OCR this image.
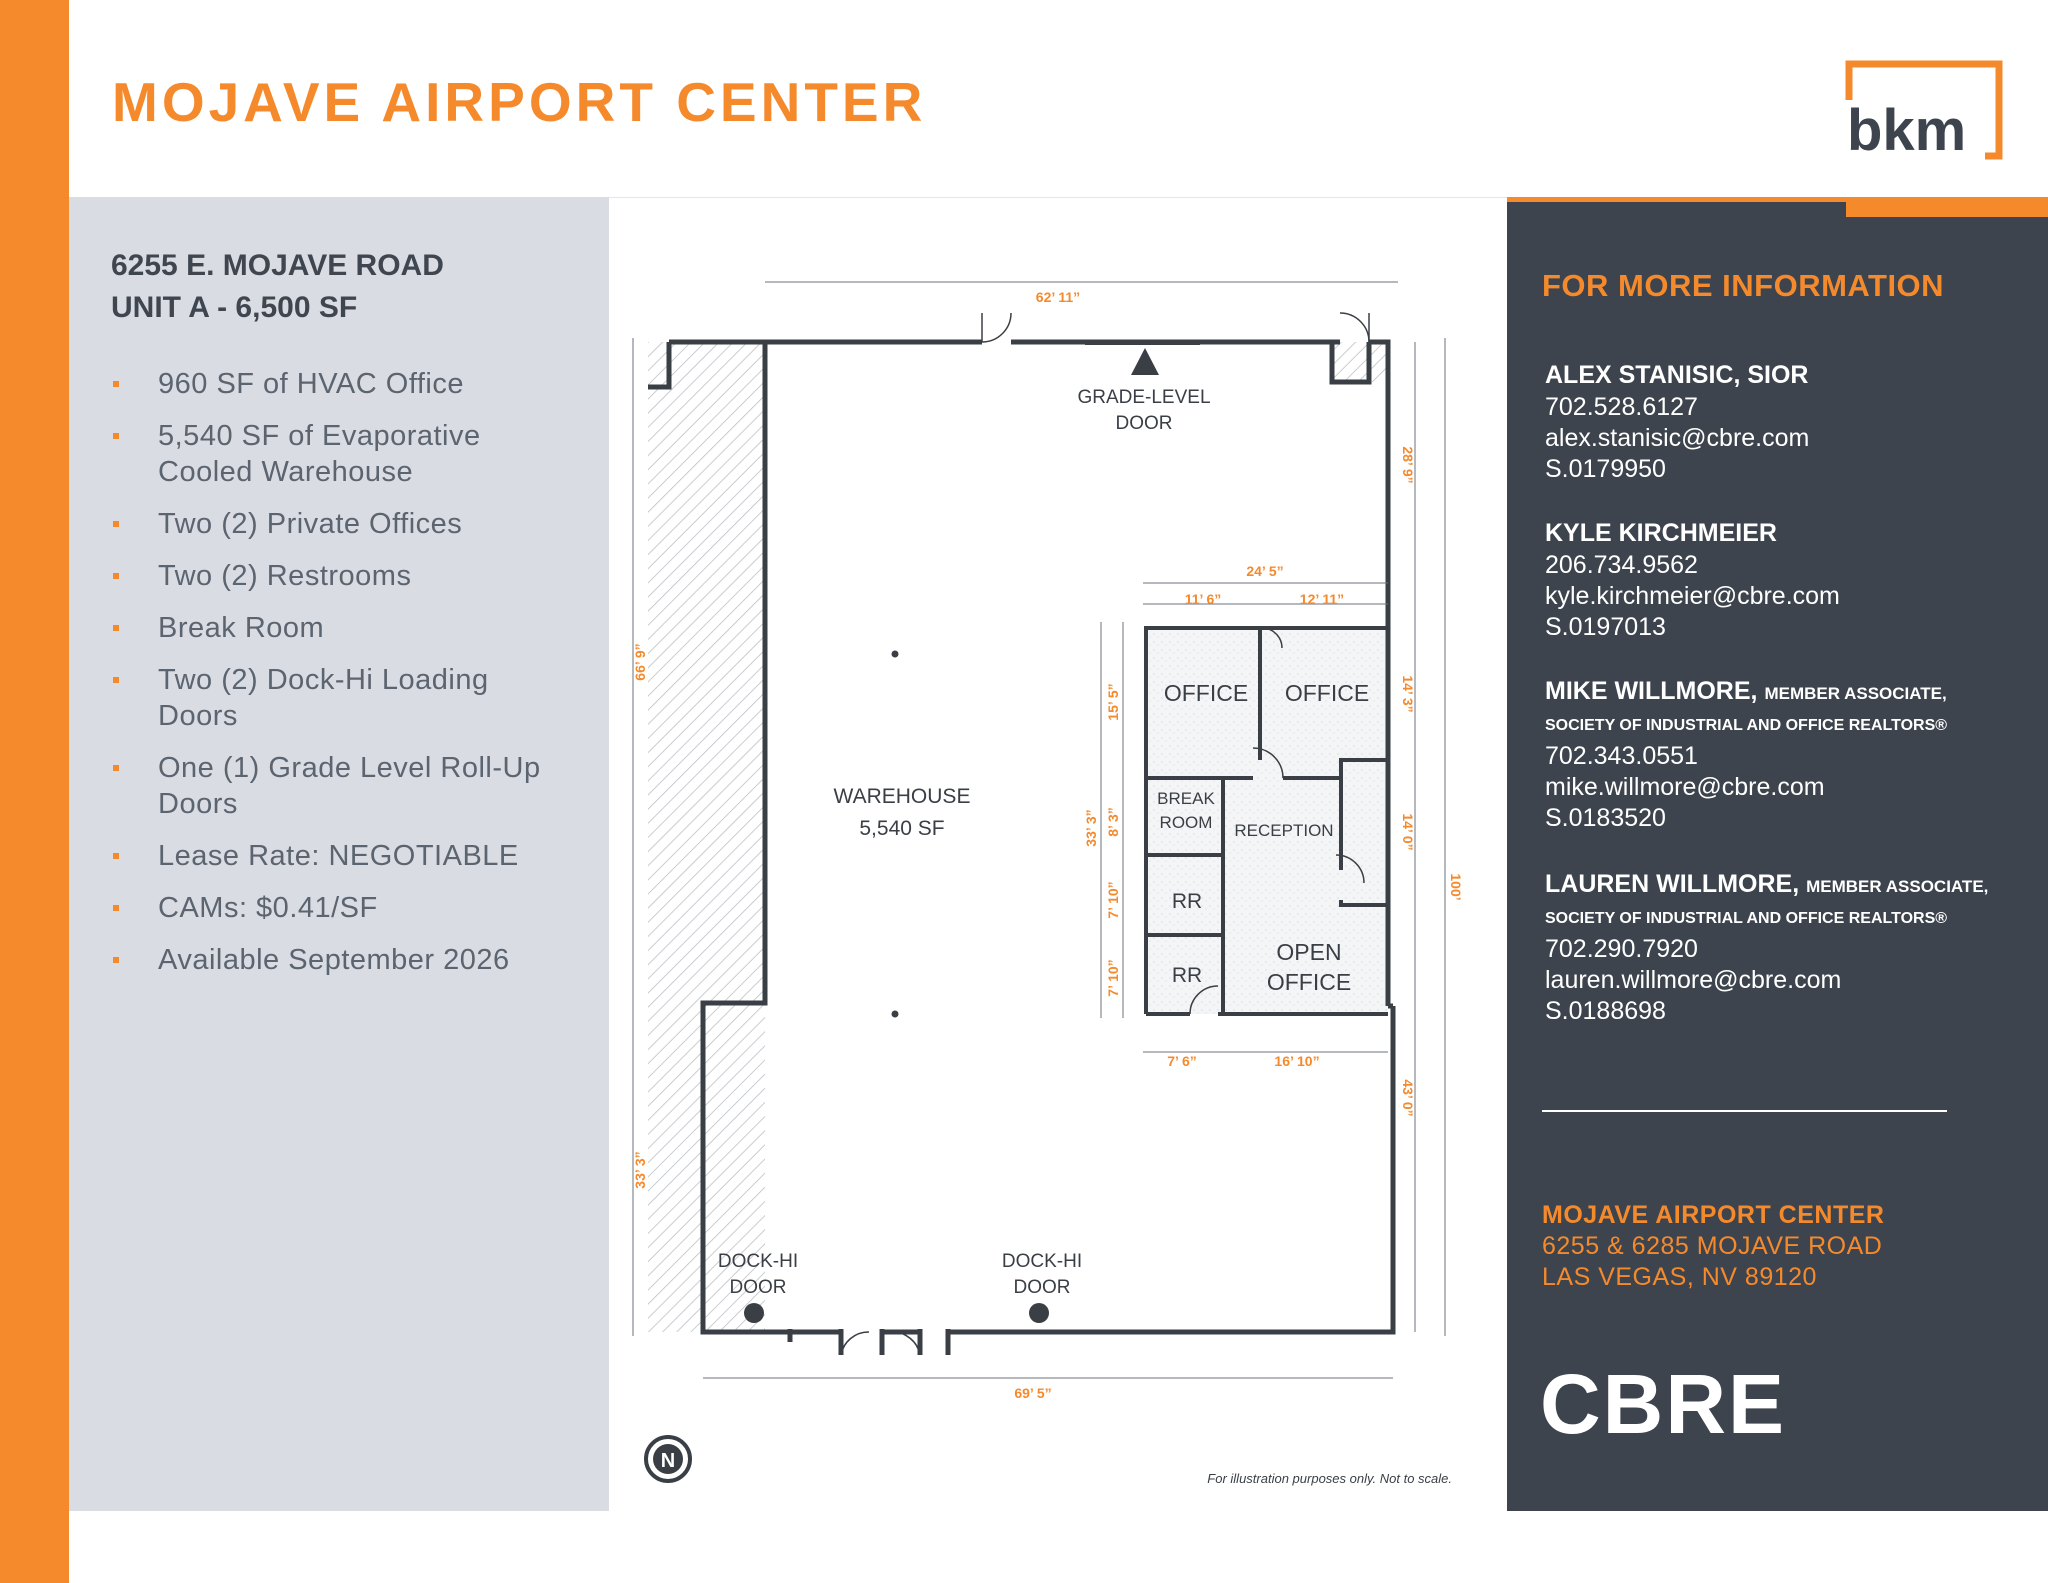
MOJAVE AIRPORT CENTER	bkm
6255 E. MOJAVE ROAD
UNIT A - 6,500 SF
960 SF of HVAC Office
5,540 SF of Evaporative Cooled Warehouse
Two (2) Private Offices
Two (2) Restrooms
Break Room
Two (2) Dock-Hi Loading Doors
One (1) Grade Level Roll-Up Doors
Lease Rate: NEGOTIABLE
CAMs: $0.41/SF
Available September 2026
GRADE-LEVEL
DOOR
WAREHOUSE
5,540 SF
OFFICE OFFICE
BREAK
ROOM RECEPTION
RR
RR
OPEN
OFFICE
DOCK-HI
DOOR
DOCK-HI
DOOR
62’ 11”
69’ 5”
24’ 5”
11’ 6”	12’ 11”
7’ 6”	16’ 10”
28’ 9”
14’ 3”
14’ 0”
43’ 0”
100’
66’ 9”
33’ 3”
15’ 5”
33’ 3” 8’ 3”
7’ 10”
7’ 10”
N
For illustration purposes only. Not to scale.
FOR MORE INFORMATION
ALEX STANISIC, SIOR
702.528.6127
alex.stanisic@cbre.com
S.0179950
KYLE KIRCHMEIER
206.734.9562
kyle.kirchmeier@cbre.com
S.0197013
MIKE WILLMORE, MEMBER ASSOCIATE,
SOCIETY OF INDUSTRIAL AND OFFICE REALTORS®
702.343.0551
mike.willmore@cbre.com
S.0183520
LAUREN WILLMORE, MEMBER ASSOCIATE,
SOCIETY OF INDUSTRIAL AND OFFICE REALTORS®
702.290.7920
lauren.willmore@cbre.com
S.0188698
MOJAVE AIRPORT CENTER
6255 & 6285 MOJAVE ROAD
LAS VEGAS, NV 89120
CBRE
